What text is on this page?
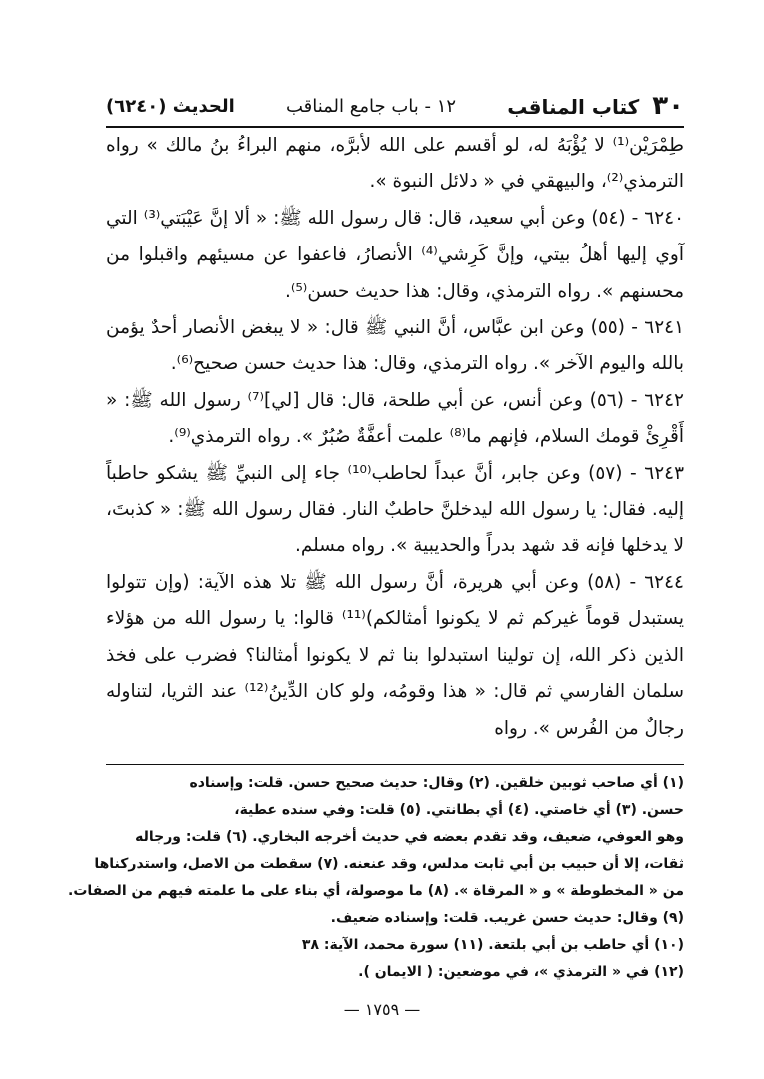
٣٠ كتاب المناقب
١٢ - باب جامع المناقب
الحديث (٦٢٤٠)

طِمْرَيْن⁽¹⁾ لا يُؤْبَهُ له، لو أقسم على الله لأبرَّه، منهم البراءُ بنُ مالك » رواه الترمذي⁽²⁾، والبيهقي في « دلائل النبوة ».

٦٢٤٠ - (٥٤) وعن أبي سعيد، قال: قال رسول الله ﷺ: « ألا إنَّ عَيْبَتي⁽³⁾ التي آوي إليها أهلُ بيتي، وإنَّ كَرِشي⁽⁴⁾ الأنصارُ، فاعفوا عن مسيئهم واقبلوا من محسنهم ». رواه الترمذي، وقال: هذا حديث حسن⁽⁵⁾.

٦٢٤١ - (٥٥) وعن ابن عبَّاس، أنَّ النبي ﷺ قال: « لا يبغض الأنصار أحدٌ يؤمن بالله واليوم الآخر ». رواه الترمذي، وقال: هذا حديث حسن صحيح⁽⁶⁾.

٦٢٤٢ - (٥٦) وعن أنس، عن أبي طلحة، قال: قال [لي]⁽⁷⁾ رسول الله ﷺ: « أَقْرِئْ قومك السلام، فإنهم ما⁽⁸⁾ علمت أعفَّةٌ صُبُرٌ ». رواه الترمذي⁽⁹⁾.

٦٢٤٣ - (٥٧) وعن جابر، أنَّ عبداً لحاطب⁽¹⁰⁾ جاء إلى النبيِّ ﷺ يشكو حاطباً إليه. فقال: يا رسول الله ليدخلنَّ حاطبٌ النار. فقال رسول الله ﷺ: « كذبتَ، لا يدخلها فإنه قد شهد بدراً والحديبية ». رواه مسلم.

٦٢٤٤ - (٥٨) وعن أبي هريرة، أنَّ رسول الله ﷺ تلا هذه الآية: (وإن تتولوا يستبدل قوماً غيركم ثم لا يكونوا أمثالكم)⁽¹¹⁾ قالوا: يا رسول الله من هؤلاء الذين ذكر الله، إن تولينا استبدلوا بنا ثم لا يكونوا أمثالنا؟ فضرب على فخذ سلمان الفارسي ثم قال: « هذا وقومُه، ولو كان الدِّينُ⁽¹²⁾ عند الثريا، لتناوله رجالٌ من الفُرس ». رواه

(١) أي صاحب ثوبين خلقين. (٢) وقال: حديث صحيح حسن. قلت: وإسناده

حسن. (٣) أي خاصتي. (٤) أي بطانتي. (٥) قلت: وفي سنده عطية،

وهو العوفي، ضعيف، وقد تقدم بعضه في حديث أخرجه البخاري. (٦) قلت: ورجاله

ثقات، إلا أن حبيب بن أبي ثابت مدلس، وقد عنعنه. (٧) سقطت من الاصل، واستدركناها

من « المخطوطة » و « المرقاة ». (٨) ما موصولة، أي بناء على ما علمته فيهم من الصفات.

(٩) وقال: حديث حسن غريب. قلت: وإسناده ضعيف.

(١٠) أي حاطب بن أبي بلتعة. (١١) سورة محمد، الآية: ٣٨

(١٢) في « الترمذي »، في موضعين: ( الايمان ).

— ١٧٥٩ —
